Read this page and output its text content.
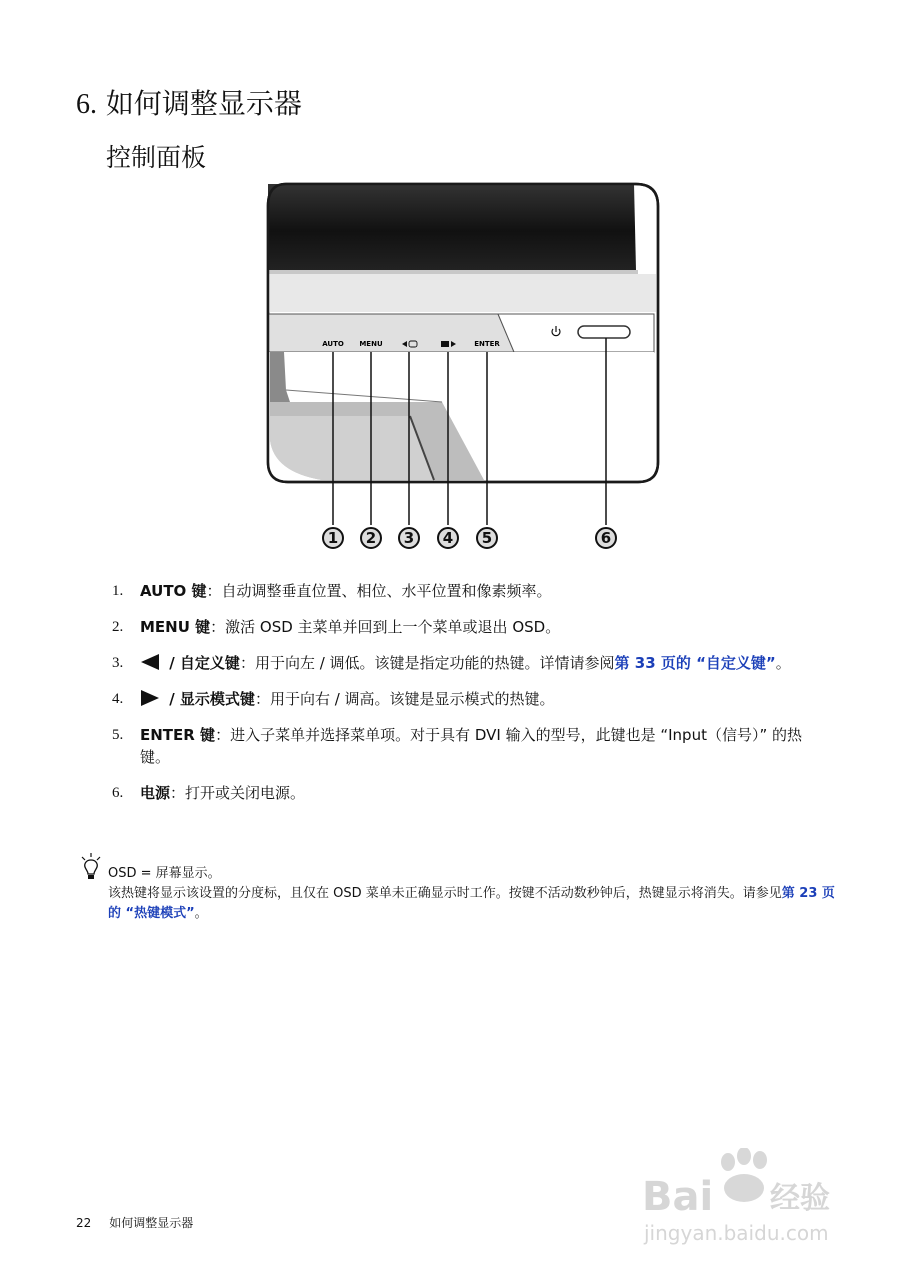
6. 如何调整显示器
控制面板
AUTO MENU	ENTER
1	2	3	4	5	6
1. AUTO 键：自动调整垂直位置、相位、水平位置和像素频率。
2. MENU 键：激活 OSD 主菜单并回到上一个菜单或退出 OSD。
3.	/ 自定义键：用于向左 / 调低。该键是指定功能的热键。详情请参阅第 33 页的 “自定义键”。
4.	/ 显示模式键：用于向右 / 调高。该键是显示模式的热键。
5. ENTER 键：进入子菜单并选择菜单项。对于具有 DVI 输入的型号，此键也是 “Input（信号）” 的热键。
6. 电源：打开或关闭电源。

OSD = 屏幕显示。

该热键将显示该设置的分度标，且仅在 OSD 菜单未正确显示时工作。按键不活动数秒钟后，热键显示将消失。请参见第 23 页的 “热键模式”。

22 如何调整显示器
Bai 经验
jingyan.baidu.com
